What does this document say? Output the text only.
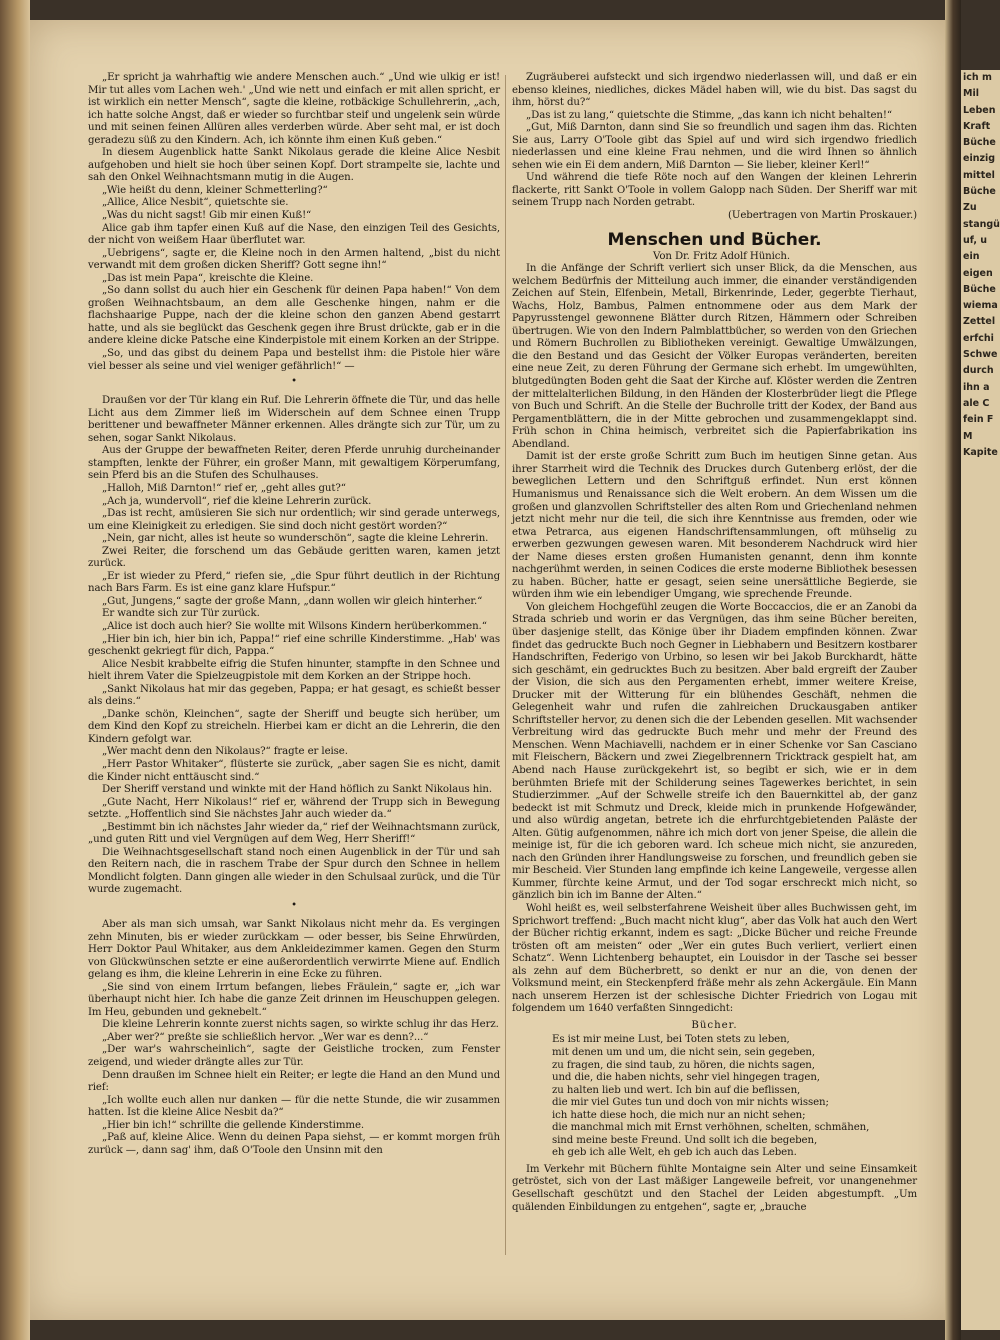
„Er spricht ja wahrhaftig wie andere Menschen auch.“ „Und wie ulkig er ist! Mir tut alles vom Lachen weh.' „Und wie nett und einfach er mit allen spricht, er ist wirklich ein netter Mensch“, sagte die kleine, rotbäckige Schullehrerin, „ach, ich hatte solche Angst, daß er wieder so furchtbar steif und ungelenk sein würde und mit seinen feinen Allüren alles verderben würde. Aber seht mal, er ist doch geradezu süß zu den Kindern. Ach, ich könnte ihm einen Kuß geben.“

In diesem Augenblick hatte Sankt Nikolaus gerade die kleine Alice Nesbit aufgehoben und hielt sie hoch über seinen Kopf. Dort strampelte sie, lachte und sah den Onkel Weihnachtsmann mutig in die Augen.

„Wie heißt du denn, kleiner Schmetterling?“

„Allice, Alice Nesbit“, quietschte sie.

„Was du nicht sagst! Gib mir einen Kuß!“

Alice gab ihm tapfer einen Kuß auf die Nase, den einzigen Teil des Gesichts, der nicht von weißem Haar überflutet war.

„Uebrigens“, sagte er, die Kleine noch in den Armen haltend, „bist du nicht verwandt mit dem großen dicken Sheriff? Gott segne ihn!“

„Das ist mein Papa“, kreischte die Kleine.

„So dann sollst du auch hier ein Geschenk für deinen Papa haben!“ Von dem großen Weihnachtsbaum, an dem alle Geschenke hingen, nahm er die flachshaarige Puppe, nach der die kleine schon den ganzen Abend gestarrt hatte, und als sie beglückt das Geschenk gegen ihre Brust drückte, gab er in die andere kleine dicke Patsche eine Kinderpistole mit einem Korken an der Strippe.

„So, und das gibst du deinem Papa und bestellst ihm: die Pistole hier wäre viel besser als seine und viel weniger gefährlich!“ —

•

Draußen vor der Tür klang ein Ruf. Die Lehrerin öffnete die Tür, und das helle Licht aus dem Zimmer ließ im Widerschein auf dem Schnee einen Trupp berittener und bewaffneter Männer erkennen. Alles drängte sich zur Tür, um zu sehen, sogar Sankt Nikolaus.

Aus der Gruppe der bewaffneten Reiter, deren Pferde unruhig durcheinander stampften, lenkte der Führer, ein großer Mann, mit gewaltigem Körperumfang, sein Pferd bis an die Stufen des Schulhauses.

„Halloh, Miß Darnton!“ rief er, „geht alles gut?“

„Ach ja, wundervoll“, rief die kleine Lehrerin zurück.

„Das ist recht, amüsieren Sie sich nur ordentlich; wir sind gerade unterwegs, um eine Kleinigkeit zu erledigen. Sie sind doch nicht gestört worden?“

„Nein, gar nicht, alles ist heute so wunderschön“, sagte die kleine Lehrerin.

Zwei Reiter, die forschend um das Gebäude geritten waren, kamen jetzt zurück.

„Er ist wieder zu Pferd,“ riefen sie, „die Spur führt deutlich in der Richtung nach Bars Farm. Es ist eine ganz klare Hufspur.“

„Gut, Jungens,“ sagte der große Mann, „dann wollen wir gleich hinterher.“

Er wandte sich zur Tür zurück.

„Alice ist doch auch hier? Sie wollte mit Wilsons Kindern herüberkommen.“

„Hier bin ich, hier bin ich, Pappa!“ rief eine schrille Kinderstimme. „Hab' was geschenkt gekriegt für dich, Pappa.“

Alice Nesbit krabbelte eifrig die Stufen hinunter, stampfte in den Schnee und hielt ihrem Vater die Spielzeugpistole mit dem Korken an der Strippe hoch.

„Sankt Nikolaus hat mir das gegeben, Pappa; er hat gesagt, es schießt besser als deins.“

„Danke schön, Kleinchen“, sagte der Sheriff und beugte sich herüber, um dem Kind den Kopf zu streicheln. Hierbei kam er dicht an die Lehrerin, die den Kindern gefolgt war.

„Wer macht denn den Nikolaus?“ fragte er leise.

„Herr Pastor Whitaker“, flüsterte sie zurück, „aber sagen Sie es nicht, damit die Kinder nicht enttäuscht sind.“

Der Sheriff verstand und winkte mit der Hand höflich zu Sankt Nikolaus hin.

„Gute Nacht, Herr Nikolaus!“ rief er, während der Trupp sich in Bewegung setzte. „Hoffentlich sind Sie nächstes Jahr auch wieder da.“

„Bestimmt bin ich nächstes Jahr wieder da,“ rief der Weihnachtsmann zurück, „und guten Ritt und viel Vergnügen auf dem Weg, Herr Sheriff!“

Die Weihnachtsgesellschaft stand noch einen Augenblick in der Tür und sah den Reitern nach, die in raschem Trabe der Spur durch den Schnee in hellem Mondlicht folgten. Dann gingen alle wieder in den Schulsaal zurück, und die Tür wurde zugemacht.

•

Aber als man sich umsah, war Sankt Nikolaus nicht mehr da. Es vergingen zehn Minuten, bis er wieder zurückkam — oder besser, bis Seine Ehrwürden, Herr Doktor Paul Whitaker, aus dem Ankleidezimmer kamen. Gegen den Sturm von Glückwünschen setzte er eine außerordentlich verwirrte Miene auf. Endlich gelang es ihm, die kleine Lehrerin in eine Ecke zu führen.

„Sie sind von einem Irrtum befangen, liebes Fräulein,“ sagte er, „ich war überhaupt nicht hier. Ich habe die ganze Zeit drinnen im Heuschuppen gelegen. Im Heu, gebunden und geknebelt.“

Die kleine Lehrerin konnte zuerst nichts sagen, so wirkte schlug ihr das Herz.

„Aber wer?“ preßte sie schließlich hervor. „Wer war es denn?...“

„Der war's wahrscheinlich“, sagte der Geistliche trocken, zum Fenster zeigend, und wieder drängte alles zur Tür.

Denn draußen im Schnee hielt ein Reiter; er legte die Hand an den Mund und rief:

„Ich wollte euch allen nur danken — für die nette Stunde, die wir zusammen hatten. Ist die kleine Alice Nesbit da?“

„Hier bin ich!“ schrillte die gellende Kinderstimme.

„Paß auf, kleine Alice. Wenn du deinen Papa siehst, — er kommt morgen früh zurück —, dann sag' ihm, daß O'Toole den Unsinn mit den

Zugräuberei aufsteckt und sich irgendwo niederlassen will, und daß er ein ebenso kleines, niedliches, dickes Mädel haben will, wie du bist. Das sagst du ihm, hörst du?“

„Das ist zu lang,“ quietschte die Stimme, „das kann ich nicht behalten!“

„Gut, Miß Darnton, dann sind Sie so freundlich und sagen ihm das. Richten Sie aus, Larry O'Toole gibt das Spiel auf und wird sich irgendwo friedlich niederlassen und eine kleine Frau nehmen, und die wird Ihnen so ähnlich sehen wie ein Ei dem andern, Miß Darnton — Sie lieber, kleiner Kerl!“

Und während die tiefe Röte noch auf den Wangen der kleinen Lehrerin flackerte, ritt Sankt O'Toole in vollem Galopp nach Süden. Der Sheriff war mit seinem Trupp nach Norden getrabt.

(Uebertragen von Martin Proskauer.)

Menschen und Bücher.

Von Dr. Fritz Adolf Hünich.

In die Anfänge der Schrift verliert sich unser Blick, da die Menschen, aus welchem Bedürfnis der Mitteilung auch immer, die einander verständigenden Zeichen auf Stein, Elfenbein, Metall, Birkenrinde, Leder, gegerbte Tierhaut, Wachs, Holz, Bambus, Palmen entnommene oder aus dem Mark der Papyrusstengel gewonnene Blätter durch Ritzen, Hämmern oder Schreiben übertrugen. Wie von den Indern Palmblattbücher, so werden von den Griechen und Römern Buchrollen zu Bibliotheken vereinigt. Gewaltige Umwälzungen, die den Bestand und das Gesicht der Völker Europas veränderten, bereiten eine neue Zeit, zu deren Führung der Germane sich erhebt. Im umgewühlten, blutgedüngten Boden geht die Saat der Kirche auf. Klöster werden die Zentren der mittelalterlichen Bildung, in den Händen der Klosterbrüder liegt die Pflege von Buch und Schrift. An die Stelle der Buchrolle tritt der Kodex, der Band aus Pergamentblättern, die in der Mitte gebrochen und zusammengeklappt sind. Früh schon in China heimisch, verbreitet sich die Papierfabrikation ins Abendland.

Damit ist der erste große Schritt zum Buch im heutigen Sinne getan. Aus ihrer Starrheit wird die Technik des Druckes durch Gutenberg erlöst, der die beweglichen Lettern und den Schriftguß erfindet. Nun erst können Humanismus und Renaissance sich die Welt erobern. An dem Wissen um die großen und glanzvollen Schriftsteller des alten Rom und Griechenland nehmen jetzt nicht mehr nur die teil, die sich ihre Kenntnisse aus fremden, oder wie etwa Petrarca, aus eigenen Handschriftensammlungen, oft mühselig zu erwerben gezwungen gewesen waren. Mit besonderem Nachdruck wird hier der Name dieses ersten großen Humanisten genannt, denn ihm konnte nachgerühmt werden, in seinen Codices die erste moderne Bibliothek besessen zu haben. Bücher, hatte er gesagt, seien seine unersättliche Begierde, sie würden ihm wie ein lebendiger Umgang, wie sprechende Freunde.

Von gleichem Hochgefühl zeugen die Worte Boccaccios, die er an Zanobi da Strada schrieb und worin er das Vergnügen, das ihm seine Bücher bereiten, über dasjenige stellt, das Könige über ihr Diadem empfinden können. Zwar findet das gedruckte Buch noch Gegner in Liebhabern und Besitzern kostbarer Handschriften, Federigo von Urbino, so lesen wir bei Jakob Burckhardt, hätte sich geschämt, ein gedrucktes Buch zu besitzen. Aber bald ergreift der Zauber der Vision, die sich aus den Pergamenten erhebt, immer weitere Kreise, Drucker mit der Witterung für ein blühendes Geschäft, nehmen die Gelegenheit wahr und rufen die zahlreichen Druckausgaben antiker Schriftsteller hervor, zu denen sich die der Lebenden gesellen. Mit wachsender Verbreitung wird das gedruckte Buch mehr und mehr der Freund des Menschen. Wenn Machiavelli, nachdem er in einer Schenke vor San Casciano mit Fleischern, Bäckern und zwei Ziegelbrennern Tricktrack gespielt hat, am Abend nach Hause zurückgekehrt ist, so begibt er sich, wie er in dem berühmten Briefe mit der Schilderung seines Tagewerkes berichtet, in sein Studierzimmer. „Auf der Schwelle streife ich den Bauernkittel ab, der ganz bedeckt ist mit Schmutz und Dreck, kleide mich in prunkende Hofgewänder, und also würdig angetan, betrete ich die ehrfurchtgebietenden Paläste der Alten. Gütig aufgenommen, nähre ich mich dort von jener Speise, die allein die meinige ist, für die ich geboren ward. Ich scheue mich nicht, sie anzureden, nach den Gründen ihrer Handlungsweise zu forschen, und freundlich geben sie mir Bescheid. Vier Stunden lang empfinde ich keine Langeweile, vergesse allen Kummer, fürchte keine Armut, und der Tod sogar erschreckt mich nicht, so gänzlich bin ich im Banne der Alten.“

Wohl heißt es, weil selbsterfahrene Weisheit über alles Buchwissen geht, im Sprichwort treffend: „Buch macht nicht klug“, aber das Volk hat auch den Wert der Bücher richtig erkannt, indem es sagt: „Dicke Bücher und reiche Freunde trösten oft am meisten“ oder „Wer ein gutes Buch verliert, verliert einen Schatz“. Wenn Lichtenberg behauptet, ein Louisdor in der Tasche sei besser als zehn auf dem Bücherbrett, so denkt er nur an die, von denen der Volksmund meint, ein Steckenpferd fräße mehr als zehn Ackergäule. Ein Mann nach unserem Herzen ist der schlesische Dichter Friedrich von Logau mit folgendem um 1640 verfaßten Sinngedicht:

Bücher.
Es ist mir meine Lust, bei Toten stets zu leben,
mit denen um und um, die nicht sein, sein gegeben,
zu fragen, die sind taub, zu hören, die nichts sagen,
und die, die haben nichts, sehr viel hingegen tragen,
zu halten lieb und wert. Ich bin auf die beflissen,
die mir viel Gutes tun und doch von mir nichts wissen;
ich hatte diese hoch, die mich nur an nicht sehen;
die manchmal mich mit Ernst verhöhnen, schelten, schmähen,
sind meine beste Freund. Und sollt ich die begeben,
eh geb ich alle Welt, eh geb ich auch das Leben.

Im Verkehr mit Büchern fühlte Montaigne sein Alter und seine Einsamkeit getröstet, sich von der Last mäßiger Langeweile befreit, vor unangenehmer Gesellschaft geschützt und den Stachel der Leiden abgestumpft. „Um quälenden Einbildungen zu entgehen“, sagte er, „brauche

ich m
Mil
Leben
Kraft
Büche
einzig
mittel
Büche
Zu
stangü
uf, u
ein
eigen
Büche
wiema
Zettel
erfchi
Schwe
durch
ihn a
ale C
fein F
M
Kapite
